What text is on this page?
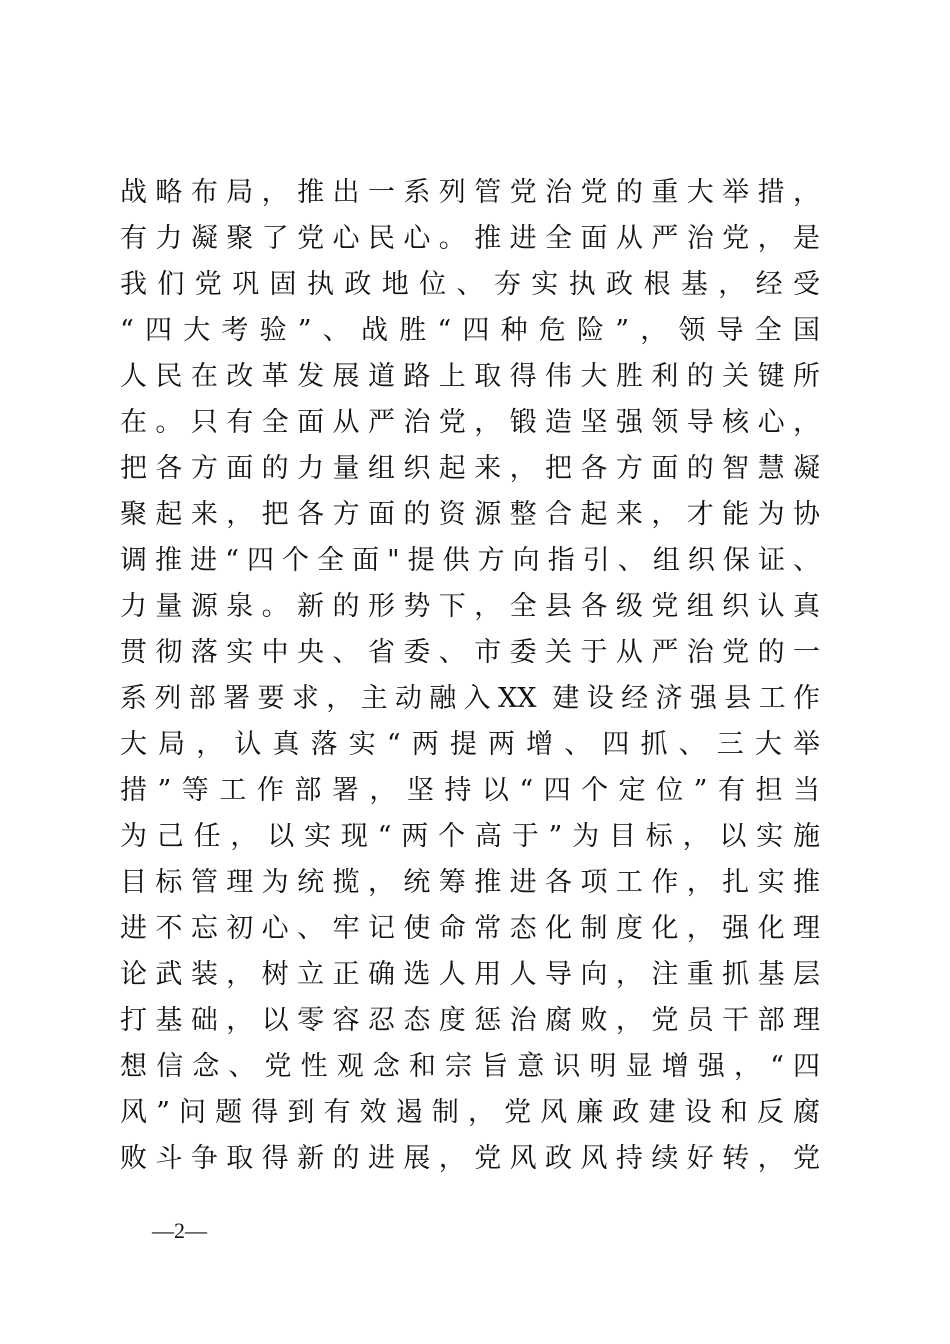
战略布局，推出一系列管党治党的重大举措，
有力凝聚了党心民心。推进全面从严治党，是
我们党巩固执政地位、夯实执政根基，经受
“四大考验”、战胜“四种危险”，领导全国
人民在改革发展道路上取得伟大胜利的关键所
在。只有全面从严治党，锻造坚强领导核心，
把各方面的力量组织起来，把各方面的智慧凝
聚起来，把各方面的资源整合起来，才能为协
调推进“四个全面"提供方向指引、组织保证、
力量源泉。新的形势下，全县各级党组织认真
贯彻落实中央、省委、市委关于从严治党的一
系列部署要求，主动融入XX 建设经济强县工作
大局，认真落实“两提两增、四抓、三大举
措”等工作部署，坚持以“四个定位”有担当
为己任，以实现“两个高于”为目标，以实施
目标管理为统揽，统筹推进各项工作，扎实推
进不忘初心、牢记使命常态化制度化，强化理
论武装，树立正确选人用人导向，注重抓基层
打基础，以零容忍态度惩治腐败，党员干部理
想信念、党性观念和宗旨意识明显增强，“四
风”问题得到有效遏制，党风廉政建设和反腐
败斗争取得新的进展，党风政风持续好转，党
—2—
